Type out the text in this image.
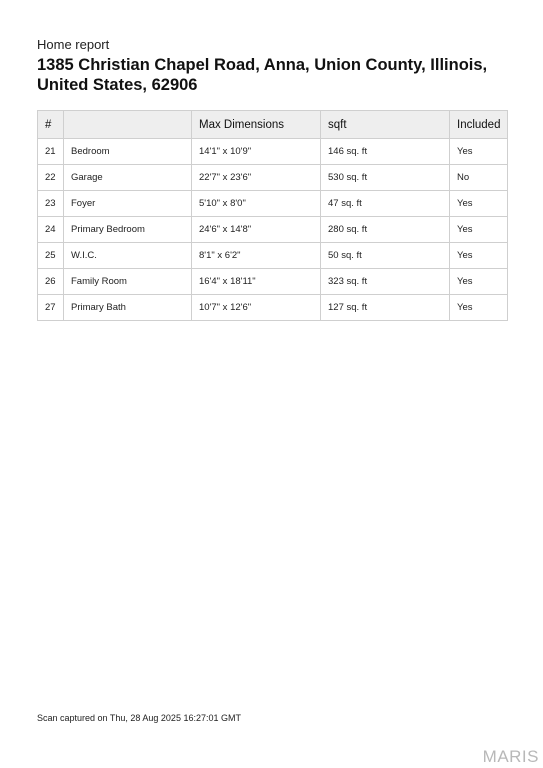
Home report
1385 Christian Chapel Road, Anna, Union County, Illinois, United States, 62906
#		Max Dimensions	sqft	Included
21	Bedroom	14'1" x 10'9"	146 sq. ft	Yes
22	Garage	22'7" x 23'6"	530 sq. ft	No
23	Foyer	5'10" x 8'0"	47 sq. ft	Yes
24	Primary Bedroom	24'6" x 14'8"	280 sq. ft	Yes
25	W.I.C.	8'1" x 6'2"	50 sq. ft	Yes
26	Family Room	16'4" x 18'11"	323 sq. ft	Yes
27	Primary Bath	10'7" x 12'6"	127 sq. ft	Yes
Scan captured on Thu, 28 Aug 2025 16:27:01 GMT
MARIS
